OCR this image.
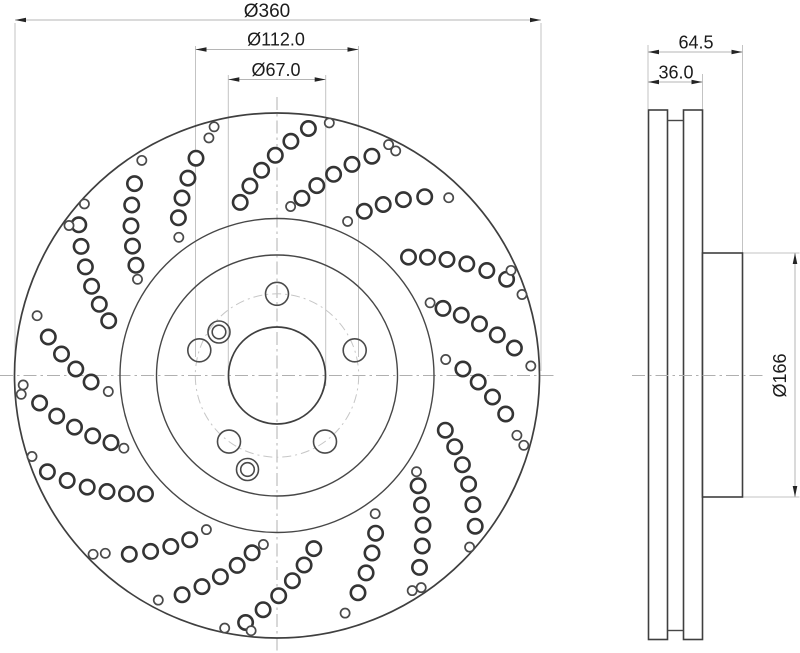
Ø360
Ø112.0
Ø67.0
64.5
36.0
Ø166
